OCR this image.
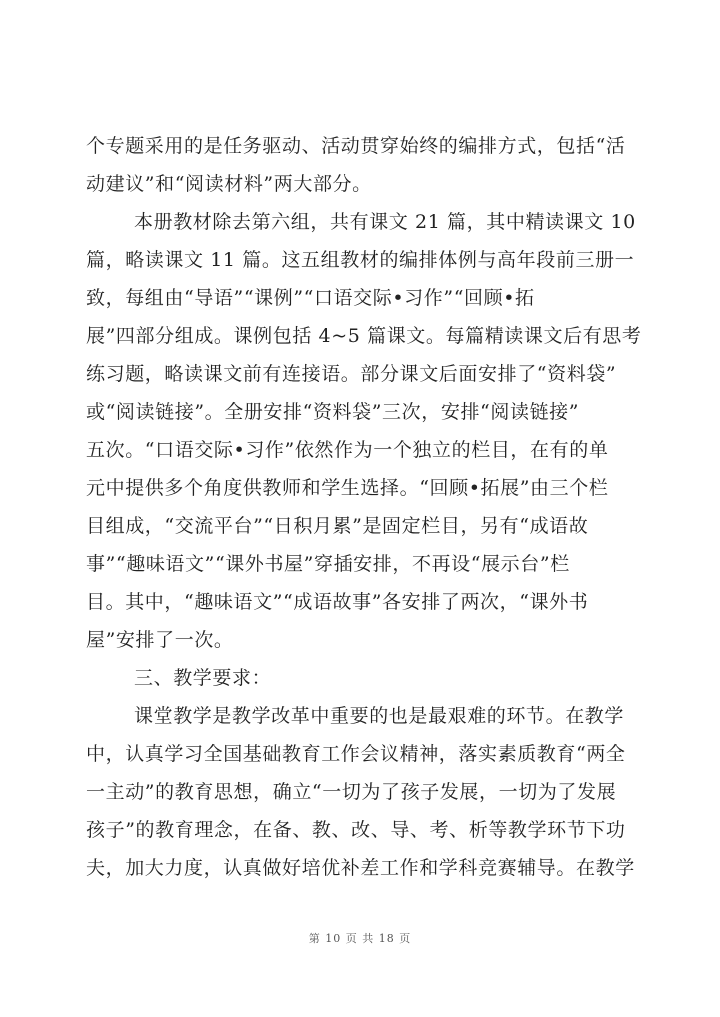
个专题采用的是任务驱动、活动贯穿始终的编排方式，包括“活
动建议”和“阅读材料”两大部分。
本册教材除去第六组，共有课文 21 篇，其中精读课文 10
篇，略读课文 11 篇。这五组教材的编排体例与高年段前三册一
致，每组由“导语”“课例”“口语交际•习作”“回顾•拓
展”四部分组成。课例包括 4~5 篇课文。每篇精读课文后有思考
练习题，略读课文前有连接语。部分课文后面安排了“资料袋”
或“阅读链接”。全册安排“资料袋”三次，安排“阅读链接”
五次。“口语交际•习作”依然作为一个独立的栏目，在有的单
元中提供多个角度供教师和学生选择。“回顾•拓展”由三个栏
目组成，“交流平台”“日积月累”是固定栏目，另有“成语故
事”“趣味语文”“课外书屋”穿插安排，不再设“展示台”栏
目。其中，“趣味语文”“成语故事”各安排了两次，“课外书
屋”安排了一次。
三、教学要求：
课堂教学是教学改革中重要的也是最艰难的环节。在教学
中，认真学习全国基础教育工作会议精神，落实素质教育“两全
一主动”的教育思想，确立“一切为了孩子发展，一切为了发展
孩子”的教育理念，在备、教、改、导、考、析等教学环节下功
夫，加大力度，认真做好培优补差工作和学科竞赛辅导。在教学
第 10 页 共 18 页
